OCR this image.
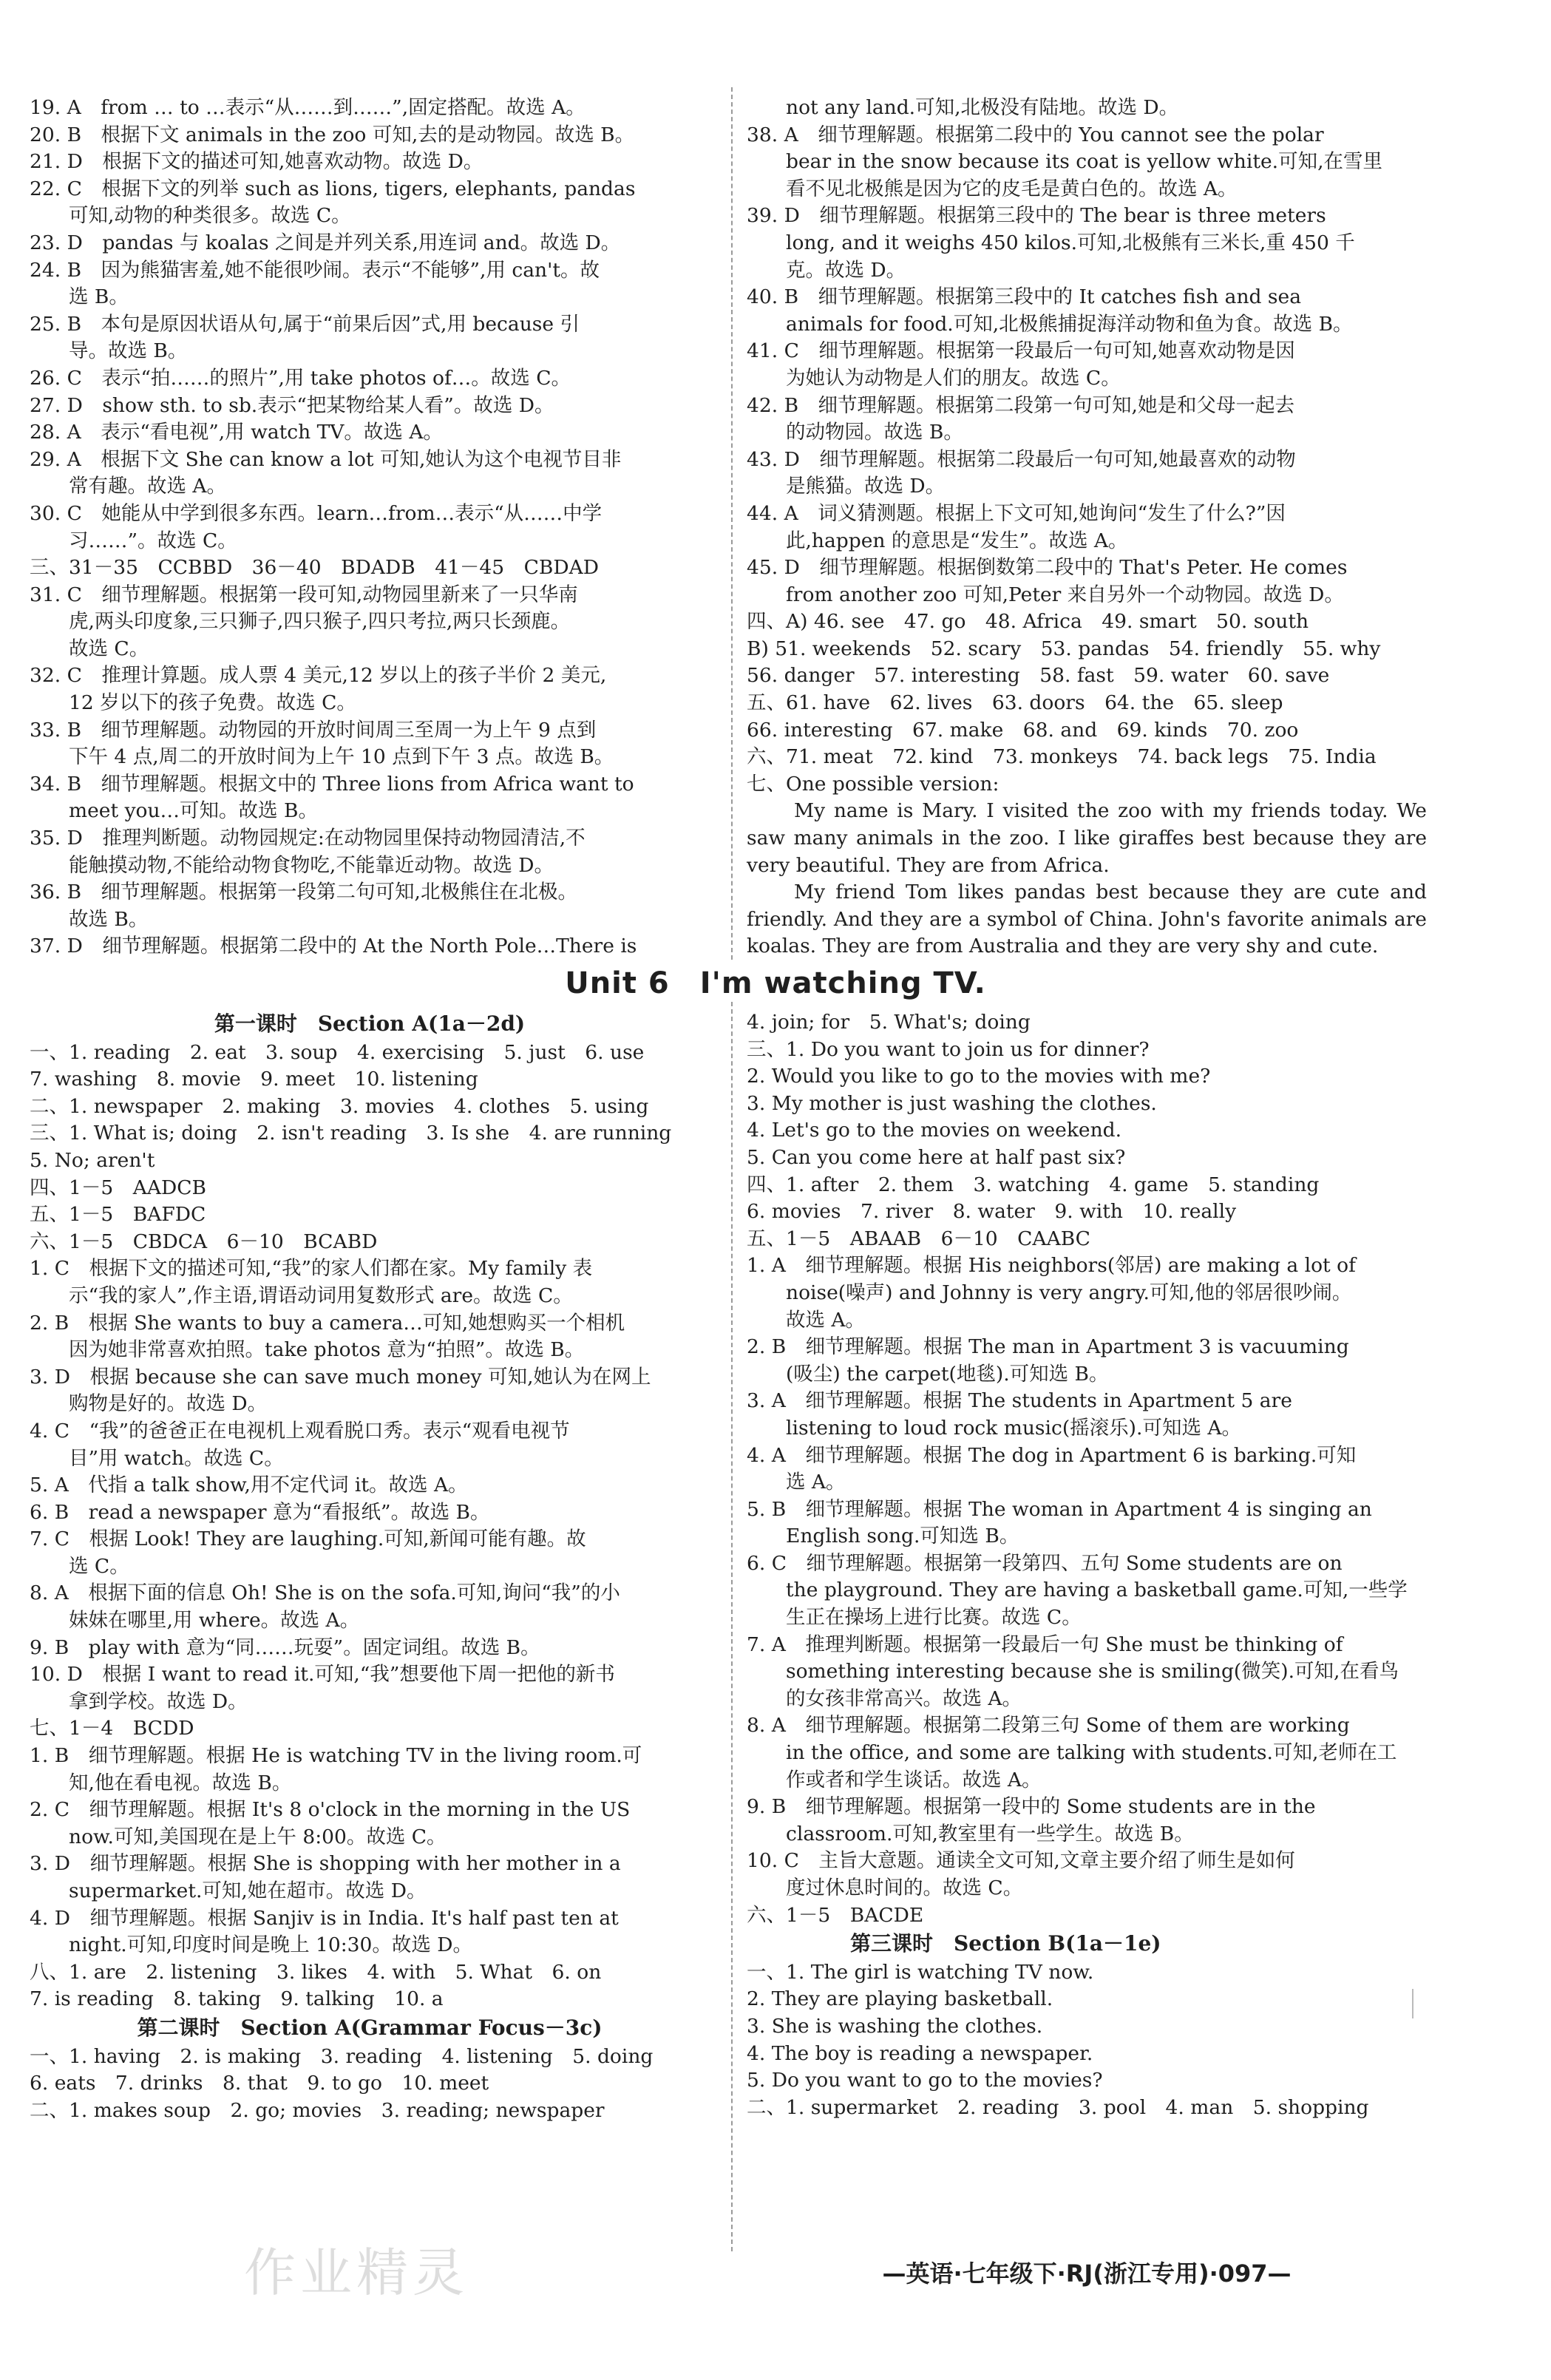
19. A　from … to …表示“从……到……”,固定搭配。故选 A。

20. B　根据下文 animals in the zoo 可知,去的是动物园。故选 B。

21. D　根据下文的描述可知,她喜欢动物。故选 D。

22. C　根据下文的列举 such as lions, tigers, elephants, pandas

　　可知,动物的种类很多。故选 C。

23. D　pandas 与 koalas 之间是并列关系,用连词 and。故选 D。

24. B　因为熊猫害羞,她不能很吵闹。表示“不能够”,用 can't。故

　　选 B。

25. B　本句是原因状语从句,属于“前果后因”式,用 because 引

　　导。故选 B。

26. C　表示“拍……的照片”,用 take photos of…。故选 C。

27. D　show sth. to sb.表示“把某物给某人看”。故选 D。

28. A　表示“看电视”,用 watch TV。故选 A。

29. A　根据下文 She can know a lot 可知,她认为这个电视节目非

　　常有趣。故选 A。

30. C　她能从中学到很多东西。learn…from…表示“从……中学

　　习……”。故选 C。

三、31－35　CCBBD　36－40　BDADB　41－45　CBDAD

31. C　细节理解题。根据第一段可知,动物园里新来了一只华南

　　虎,两头印度象,三只狮子,四只猴子,四只考拉,两只长颈鹿。

　　故选 C。

32. C　推理计算题。成人票 4 美元,12 岁以上的孩子半价 2 美元,

　　12 岁以下的孩子免费。故选 C。

33. B　细节理解题。动物园的开放时间周三至周一为上午 9 点到

　　下午 4 点,周二的开放时间为上午 10 点到下午 3 点。故选 B。

34. B　细节理解题。根据文中的 Three lions from Africa want to

　　meet you…可知。故选 B。

35. D　推理判断题。动物园规定:在动物园里保持动物园清洁,不

　　能触摸动物,不能给动物食物吃,不能靠近动物。故选 D。

36. B　细节理解题。根据第一段第二句可知,北极熊住在北极。

　　故选 B。

37. D　细节理解题。根据第二段中的 At the North Pole…There is

　　not any land.可知,北极没有陆地。故选 D。

38. A　细节理解题。根据第二段中的 You cannot see the polar

　　bear in the snow because its coat is yellow white.可知,在雪里

　　看不见北极熊是因为它的皮毛是黄白色的。故选 A。

39. D　细节理解题。根据第三段中的 The bear is three meters

　　long, and it weighs 450 kilos.可知,北极熊有三米长,重 450 千

　　克。故选 D。

40. B　细节理解题。根据第三段中的 It catches fish and sea

　　animals for food.可知,北极熊捕捉海洋动物和鱼为食。故选 B。

41. C　细节理解题。根据第一段最后一句可知,她喜欢动物是因

　　为她认为动物是人们的朋友。故选 C。

42. B　细节理解题。根据第二段第一句可知,她是和父母一起去

　　的动物园。故选 B。

43. D　细节理解题。根据第二段最后一句可知,她最喜欢的动物

　　是熊猫。故选 D。

44. A　词义猜测题。根据上下文可知,她询问“发生了什么?”因

　　此,happen 的意思是“发生”。故选 A。

45. D　细节理解题。根据倒数第二段中的 That's Peter. He comes

　　from another zoo 可知,Peter 来自另外一个动物园。故选 D。

四、A) 46. see　47. go　48. Africa　49. smart　50. south

B) 51. weekends　52. scary　53. pandas　54. friendly　55. why

56. danger　57. interesting　58. fast　59. water　60. save

五、61. have　62. lives　63. doors　64. the　65. sleep

66. interesting　67. make　68. and　69. kinds　70. zoo

六、71. meat　72. kind　73. monkeys　74. back legs　75. India

七、One possible version:

My name is Mary. I visited the zoo with my friends today. We saw many animals in the zoo. I like giraffes best because they are very beautiful. They are from Africa.

My friend Tom likes pandas best because they are cute and friendly. And they are a symbol of China. John's favorite animals are koalas. They are from Australia and they are very shy and cute.

Unit 6　I'm watching TV.
第一课时　Section A(1a－2d)

一、1. reading　2. eat　3. soup　4. exercising　5. just　6. use

7. washing　8. movie　9. meet　10. listening

二、1. newspaper　2. making　3. movies　4. clothes　5. using

三、1. What is; doing　2. isn't reading　3. Is she　4. are running

5. No; aren't

四、1－5　AADCB

五、1－5　BAFDC

六、1－5　CBDCA　6－10　BCABD

1. C　根据下文的描述可知,“我”的家人们都在家。My family 表

　　示“我的家人”,作主语,谓语动词用复数形式 are。故选 C。

2. B　根据 She wants to buy a camera…可知,她想购买一个相机

　　因为她非常喜欢拍照。take photos 意为“拍照”。故选 B。

3. D　根据 because she can save much money 可知,她认为在网上

　　购物是好的。故选 D。

4. C　“我”的爸爸正在电视机上观看脱口秀。表示“观看电视节

　　目”用 watch。故选 C。

5. A　代指 a talk show,用不定代词 it。故选 A。

6. B　read a newspaper 意为“看报纸”。故选 B。

7. C　根据 Look! They are laughing.可知,新闻可能有趣。故

　　选 C。

8. A　根据下面的信息 Oh! She is on the sofa.可知,询问“我”的小

　　妹妹在哪里,用 where。故选 A。

9. B　play with 意为“同……玩耍”。固定词组。故选 B。

10. D　根据 I want to read it.可知,“我”想要他下周一把他的新书

　　拿到学校。故选 D。

七、1－4　BCDD

1. B　细节理解题。根据 He is watching TV in the living room.可

　　知,他在看电视。故选 B。

2. C　细节理解题。根据 It's 8 o'clock in the morning in the US

　　now.可知,美国现在是上午 8:00。故选 C。

3. D　细节理解题。根据 She is shopping with her mother in a

　　supermarket.可知,她在超市。故选 D。

4. D　细节理解题。根据 Sanjiv is in India. It's half past ten at

　　night.可知,印度时间是晚上 10:30。故选 D。

八、1. are　2. listening　3. likes　4. with　5. What　6. on

7. is reading　8. taking　9. talking　10. a

第二课时　Section A(Grammar Focus－3c)

一、1. having　2. is making　3. reading　4. listening　5. doing

6. eats　7. drinks　8. that　9. to go　10. meet

二、1. makes soup　2. go; movies　3. reading; newspaper

4. join; for　5. What's; doing

三、1. Do you want to join us for dinner?

2. Would you like to go to the movies with me?

3. My mother is just washing the clothes.

4. Let's go to the movies on weekend.

5. Can you come here at half past six?

四、1. after　2. them　3. watching　4. game　5. standing

6. movies　7. river　8. water　9. with　10. really

五、1－5　ABAAB　6－10　CAABC

1. A　细节理解题。根据 His neighbors(邻居) are making a lot of

　　noise(噪声) and Johnny is very angry.可知,他的邻居很吵闹。

　　故选 A。

2. B　细节理解题。根据 The man in Apartment 3 is vacuuming

　　(吸尘) the carpet(地毯).可知选 B。

3. A　细节理解题。根据 The students in Apartment 5 are

　　listening to loud rock music(摇滚乐).可知选 A。

4. A　细节理解题。根据 The dog in Apartment 6 is barking.可知

　　选 A。

5. B　细节理解题。根据 The woman in Apartment 4 is singing an

　　English song.可知选 B。

6. C　细节理解题。根据第一段第四、五句 Some students are on

　　the playground. They are having a basketball game.可知,一些学

　　生正在操场上进行比赛。故选 C。

7. A　推理判断题。根据第一段最后一句 She must be thinking of

　　something interesting because she is smiling(微笑).可知,在看鸟

　　的女孩非常高兴。故选 A。

8. A　细节理解题。根据第二段第三句 Some of them are working

　　in the office, and some are talking with students.可知,老师在工

　　作或者和学生谈话。故选 A。

9. B　细节理解题。根据第一段中的 Some students are in the

　　classroom.可知,教室里有一些学生。故选 B。

10. C　主旨大意题。通读全文可知,文章主要介绍了师生是如何

　　度过休息时间的。故选 C。

六、1－5　BACDE

第三课时　Section B(1a－1e)

一、1. The girl is watching TV now.

2. They are playing basketball.

3. She is washing the clothes.

4. The boy is reading a newspaper.

5. Do you want to go to the movies?

二、1. supermarket　2. reading　3. pool　4. man　5. shopping

作业精灵	—英语·七年级下·RJ(浙江专用)·097—
